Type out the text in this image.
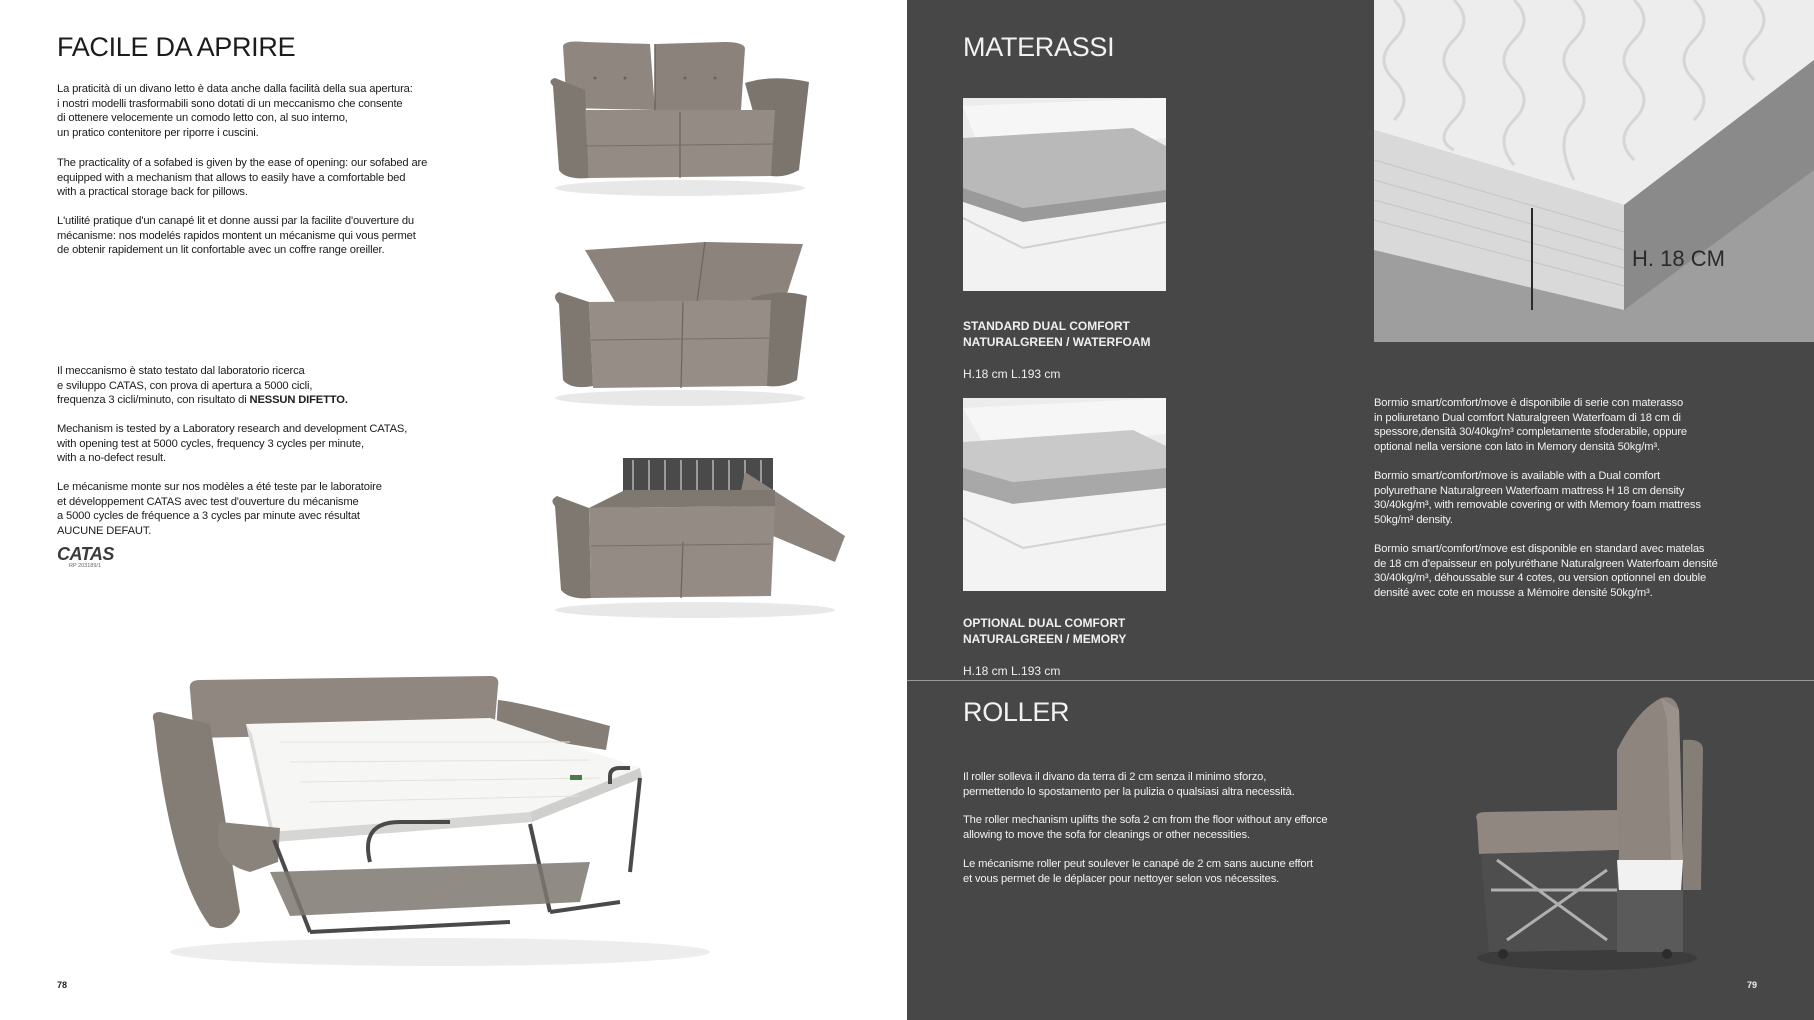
FACILE DA APRIRE

La praticità di un divano letto è data anche dalla facilità della sua apertura:
i nostri modelli trasformabili sono dotati di un meccanismo che consente
di ottenere velocemente un comodo letto con, al suo interno,
un pratico contenitore per riporre i cuscini.

The practicality of a sofabed is given by the ease of opening: our sofabed are
equipped with a mechanism that allows to easily have a comfortable bed
with a practical storage back for pillows.

L'utilité pratique d'un canapé lit et donne aussi par la facilite d'ouverture du
mécanisme: nos modelés rapidos montent un mécanisme qui vous permet
de obtenir rapidement un lit confortable avec un coffre range oreiller.

Il meccanismo è stato testato dal laboratorio ricerca
e sviluppo CATAS, con prova di apertura a 5000 cicli,
frequenza 3 cicli/minuto, con risultato di NESSUN DIFETTO.

Mechanism is tested by a Laboratory research and development CATAS,
with opening test at 5000 cycles, frequency 3 cycles per minute,
with a no-defect result.

Le mécanisme monte sur nos modèles a été teste par le laboratoire
et développement CATAS avec test d'ouverture du mécanisme
a 5000 cycles de fréquence a 3 cycles par minute avec résultat
AUCUNE DEFAUT.

CATAS
RP 203189/1
78
MATERASSI

STANDARD DUAL COMFORT
NATURALGREEN / WATERFOAM

H.18 cm L.193 cm

OPTIONAL DUAL COMFORT
NATURALGREEN / MEMORY

H.18 cm L.193 cm

H. 18 CM

Bormio smart/comfort/move è disponibile di serie con materasso
in poliuretano Dual comfort Naturalgreen Waterfoam di 18 cm di
spessore,densità 30/40kg/m³ completamente sfoderabile, oppure
optional nella versione con lato in Memory densità 50kg/m³.

Bormio smart/comfort/move is available with a Dual comfort
polyurethane Naturalgreen Waterfoam mattress H 18 cm density
30/40kg/m³, with removable covering or with Memory foam mattress
50kg/m³ density.

Bormio smart/comfort/move est disponible en standard avec matelas
de 18 cm d'epaisseur en polyuréthane Naturalgreen Waterfoam densité
30/40kg/m³, déhoussable sur 4 cotes, ou version optionnel en double
densité avec cote en mousse a Mémoire densité 50kg/m³.

ROLLER

Il roller solleva il divano da terra di 2 cm senza il minimo sforzo,
permettendo lo spostamento per la pulizia o qualsiasi altra necessità.

The roller mechanism uplifts the sofa 2 cm from the floor without any efforce
allowing to move the sofa for cleanings or other necessities.

Le mécanisme roller peut soulever le canapé de 2 cm sans aucune effort
et vous permet de le déplacer pour nettoyer selon vos nécessites.

79
